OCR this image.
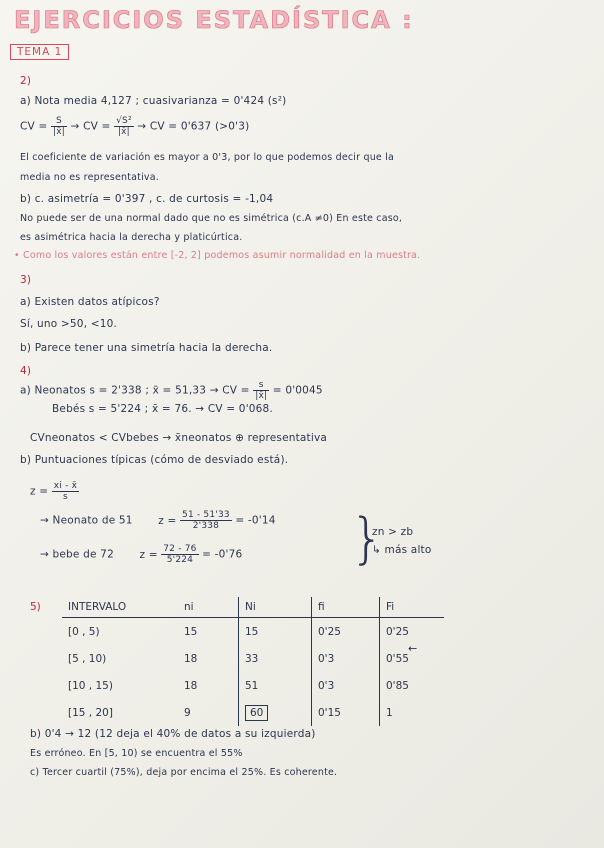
EJERCICIOS ESTADÍSTICA :
TEMA 1
2)
a) Nota media 4,127 ; cuasivarianza = 0'424 (s²)
CV = $\frac{S}{|x̄|}$ → CV = $\frac{\text{√S²}}{|x̄|}$ → CV = 0'637 (>0'3)
El coeficiente de variación es mayor a 0'3, por lo que podemos decir que la
media no es representativa.
b) c. asimetría = 0'397 , c. de curtosis = -1,04
No puede ser de una normal dado que no es simétrica (c.A ≠0) En este caso,
es asimétrica hacia la derecha y platicúrtica.
• Como los valores están entre [-2, 2] podemos asumir normalidad en la muestra.
3)
a) Existen datos atípicos?
Sí, uno >50, <10.
b) Parece tener una simetría hacia la derecha.
4)
a) Neonatos s = 2'338 ; x̄ = 51,33 → CV = $\frac{s}{|x̄|} = 0'0045$
Bebés s = 5'224 ; x̄ = 76. → CV = 0'068.
CVneonatos < CVbebes → x̄neonatos ⊕ representativa
b) Puntuaciones típicas (cómo de desviado está).
$z = \frac{xi - x̄}{s}$
→ Neonato de 51 $z = \frac{51 - 51'33}{2'338} = -0'14$
→ bebe de 72 $z = \frac{72 - 76}{5'224} = -0'76$ }
zn > zb
↳ más alto
5)	INTERVALO	ni	Ni	fi	Fi
[0 , 5)	15	15	0'25	0'25
[5 , 10)	18	33	0'3	0'55
[10 , 15)	18	51	0'3	0'85
[15 , 20]	9	60	0'15	1
←
b) 0'4 → 12 (12 deja el 40% de datos a su izquierda)
Es erróneo. En [5, 10) se encuentra el 55%
c) Tercer cuartil (75%), deja por encima el 25%. Es coherente.
